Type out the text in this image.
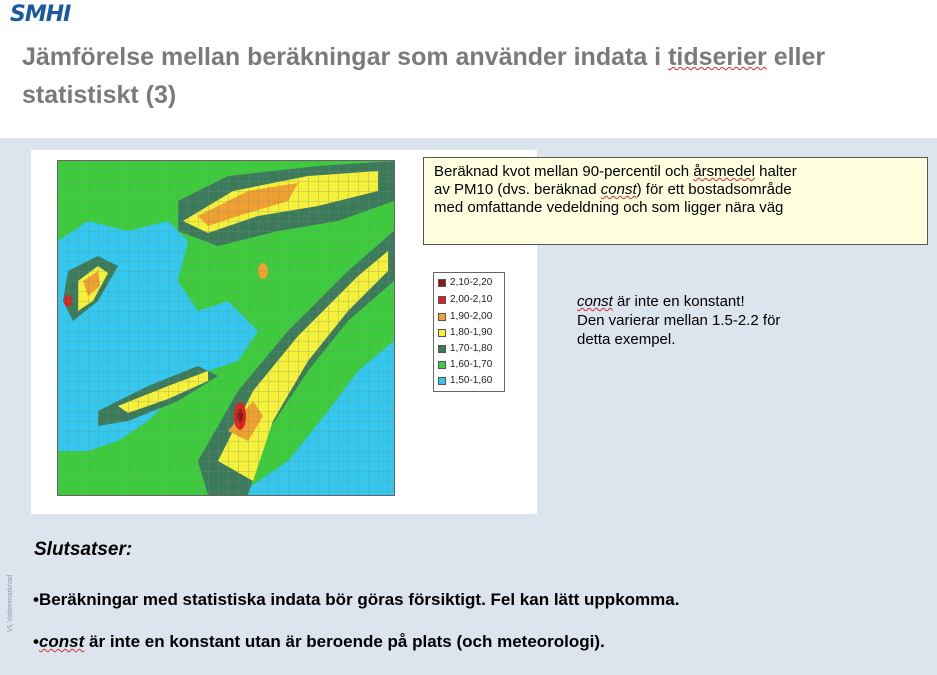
SMHI
Jämförelse mellan beräkningar som använder indata i tidserier eller statistiskt (3)
VL Vattenmarknad
2,10-2,20
2,00-2,10
1,90-2,00
1,80-1,90
1,70-1,80
1,60-1,70
1,50-1,60
Beräknad kvot mellan 90-percentil och årsmedel halter
av PM10 (dvs. beräknad const) för ett bostadsområde
med omfattande vedeldning och som ligger nära väg
const är inte en konstant!
Den varierar mellan 1.5-2.2 för
detta exempel.
Slutsatser:
•Beräkningar med statistiska indata bör göras försiktigt. Fel kan lätt uppkomma.
•const är inte en konstant utan är beroende på plats (och meteorologi).
